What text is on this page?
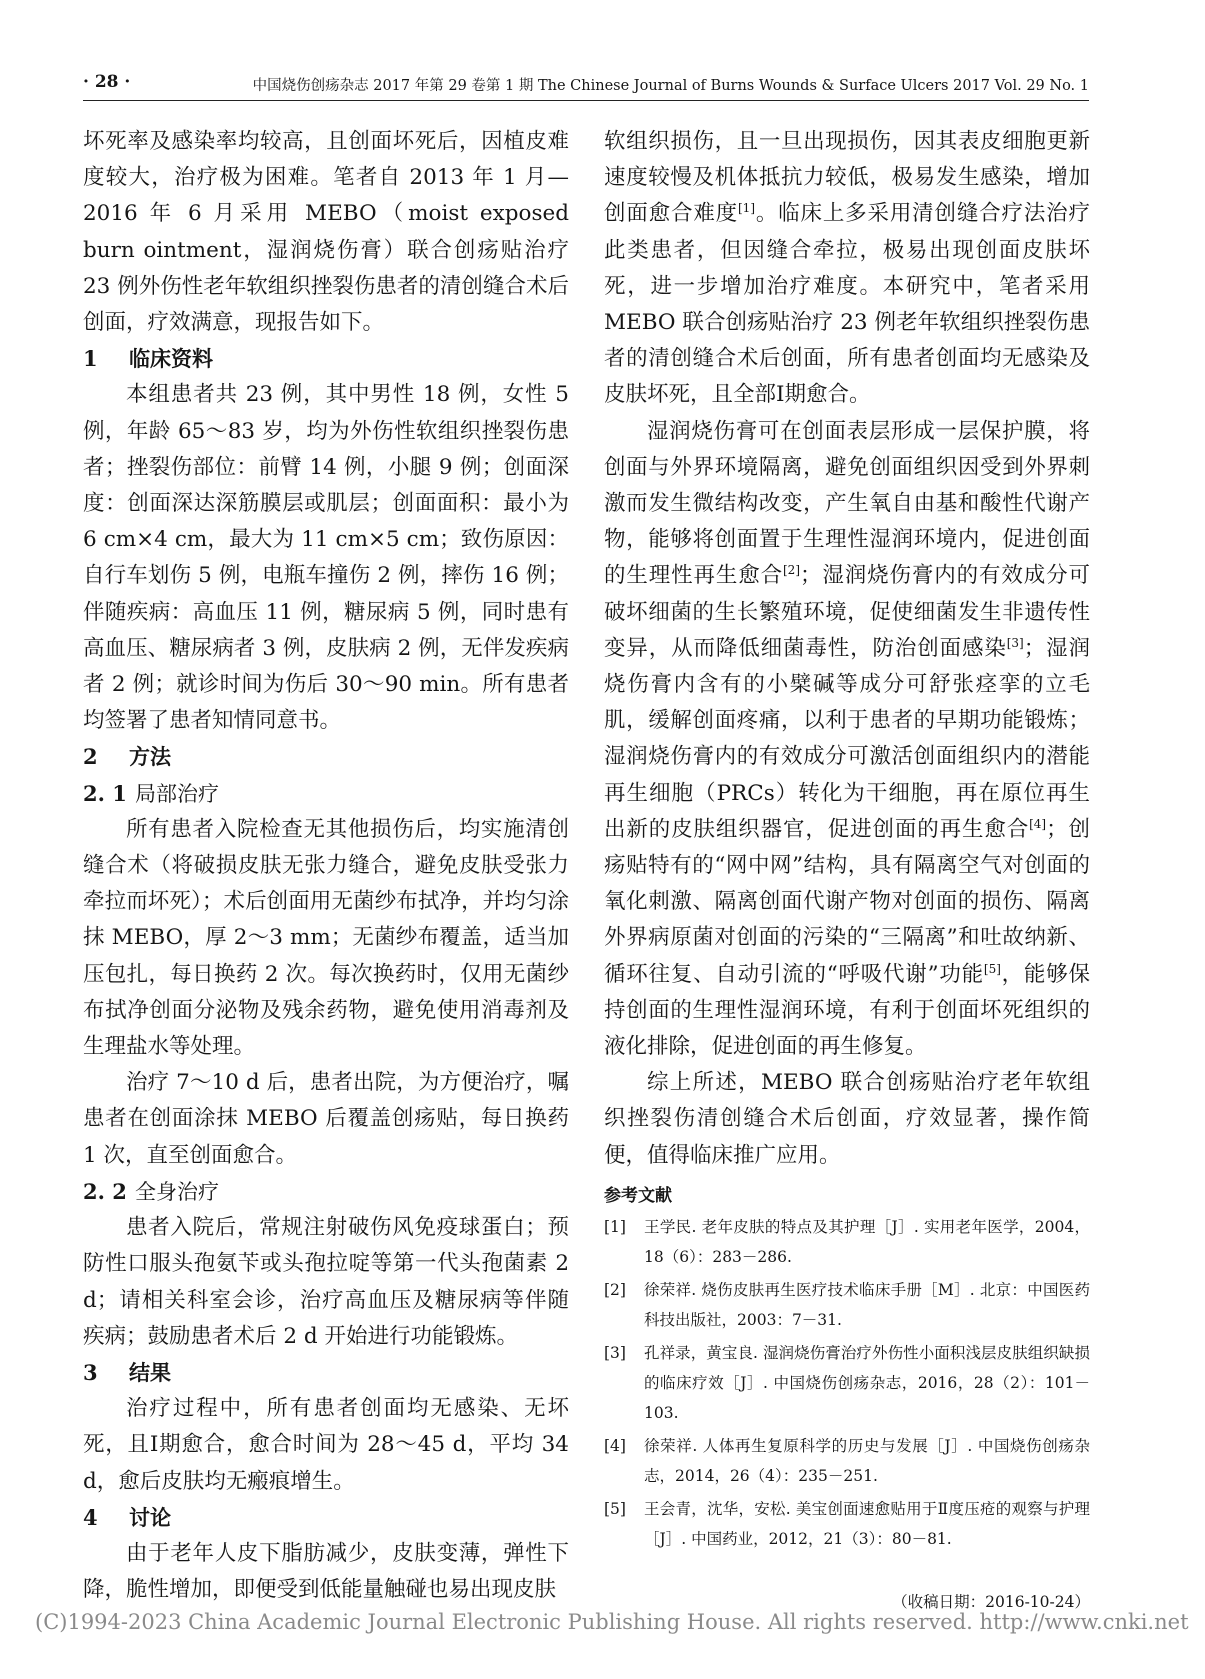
· 28 ·	中国烧伤创疡杂志 2017 年第 29 卷第 1 期 The Chinese Journal of Burns Wounds & Surface Ulcers 2017 Vol. 29 No. 1

坏死率及感染率均较高，且创面坏死后，因植皮难度较大，治疗极为困难。笔者自 2013 年 1 月—2016 年 6 月采用 MEBO（moist exposed burn ointment，湿润烧伤膏）联合创疡贴治疗 23 例外伤性老年软组织挫裂伤患者的清创缝合术后创面，疗效满意，现报告如下。

1 临床资料

本组患者共 23 例，其中男性 18 例，女性 5 例，年龄 65～83 岁，均为外伤性软组织挫裂伤患者；挫裂伤部位：前臂 14 例，小腿 9 例；创面深度：创面深达深筋膜层或肌层；创面面积：最小为 6 cm×4 cm，最大为 11 cm×5 cm；致伤原因：自行车划伤 5 例，电瓶车撞伤 2 例，摔伤 16 例；伴随疾病：高血压 11 例，糖尿病 5 例，同时患有高血压、糖尿病者 3 例，皮肤病 2 例，无伴发疾病者 2 例；就诊时间为伤后 30～90 min。所有患者均签署了患者知情同意书。

2 方法
2. 1 局部治疗

所有患者入院检查无其他损伤后，均实施清创缝合术（将破损皮肤无张力缝合，避免皮肤受张力牵拉而坏死）；术后创面用无菌纱布拭净，并均匀涂抹 MEBO，厚 2～3 mm；无菌纱布覆盖，适当加压包扎，每日换药 2 次。每次换药时，仅用无菌纱布拭净创面分泌物及残余药物，避免使用消毒剂及生理盐水等处理。

治疗 7～10 d 后，患者出院，为方便治疗，嘱患者在创面涂抹 MEBO 后覆盖创疡贴，每日换药 1 次，直至创面愈合。

2. 2 全身治疗

患者入院后，常规注射破伤风免疫球蛋白；预防性口服头孢氨苄或头孢拉啶等第一代头孢菌素 2 d；请相关科室会诊，治疗高血压及糖尿病等伴随疾病；鼓励患者术后 2 d 开始进行功能锻炼。

3 结果

治疗过程中，所有患者创面均无感染、无坏死，且Ⅰ期愈合，愈合时间为 28～45 d，平均 34 d，愈后皮肤均无瘢痕增生。

4 讨论

由于老年人皮下脂肪减少，皮肤变薄，弹性下降，脆性增加，即便受到低能量触碰也易出现皮肤

软组织损伤，且一旦出现损伤，因其表皮细胞更新速度较慢及机体抵抗力较低，极易发生感染，增加创面愈合难度[1]。临床上多采用清创缝合疗法治疗此类患者，但因缝合牵拉，极易出现创面皮肤坏死，进一步增加治疗难度。本研究中，笔者采用 MEBO 联合创疡贴治疗 23 例老年软组织挫裂伤患者的清创缝合术后创面，所有患者创面均无感染及皮肤坏死，且全部Ⅰ期愈合。

湿润烧伤膏可在创面表层形成一层保护膜，将创面与外界环境隔离，避免创面组织因受到外界刺激而发生微结构改变，产生氧自由基和酸性代谢产物，能够将创面置于生理性湿润环境内，促进创面的生理性再生愈合[2]；湿润烧伤膏内的有效成分可破坏细菌的生长繁殖环境，促使细菌发生非遗传性变异，从而降低细菌毒性，防治创面感染[3]；湿润烧伤膏内含有的小檗碱等成分可舒张痉挛的立毛肌，缓解创面疼痛，以利于患者的早期功能锻炼；湿润烧伤膏内的有效成分可激活创面组织内的潜能再生细胞（PRCs）转化为干细胞，再在原位再生出新的皮肤组织器官，促进创面的再生愈合[4]；创疡贴特有的“网中网”结构，具有隔离空气对创面的氧化刺激、隔离创面代谢产物对创面的损伤、隔离外界病原菌对创面的污染的“三隔离”和吐故纳新、循环往复、自动引流的“呼吸代谢”功能[5]，能够保持创面的生理性湿润环境，有利于创面坏死组织的液化排除，促进创面的再生修复。

综上所述，MEBO 联合创疡贴治疗老年软组织挫裂伤清创缝合术后创面，疗效显著，操作简便，值得临床推广应用。

参考文献
[1]	王学民. 老年皮肤的特点及其护理［J］. 实用老年医学，2004，18（6）：283－286.
[2]	徐荣祥. 烧伤皮肤再生医疗技术临床手册［M］. 北京：中国医药科技出版社，2003：7－31.
[3]	孔祥录，黄宝良. 湿润烧伤膏治疗外伤性小面积浅层皮肤组织缺损的临床疗效［J］. 中国烧伤创疡杂志，2016，28（2）：101－103.
[4]	徐荣祥. 人体再生复原科学的历史与发展［J］. 中国烧伤创疡杂志，2014，26（4）：235－251.
[5]	王会青，沈华，安松. 美宝创面速愈贴用于Ⅱ度压疮的观察与护理［J］. 中国药业，2012，21（3）：80－81.
（收稿日期：2016-10-24）
(C)1994-2023 China Academic Journal Electronic Publishing House. All rights reserved. http://www.cnki.net
